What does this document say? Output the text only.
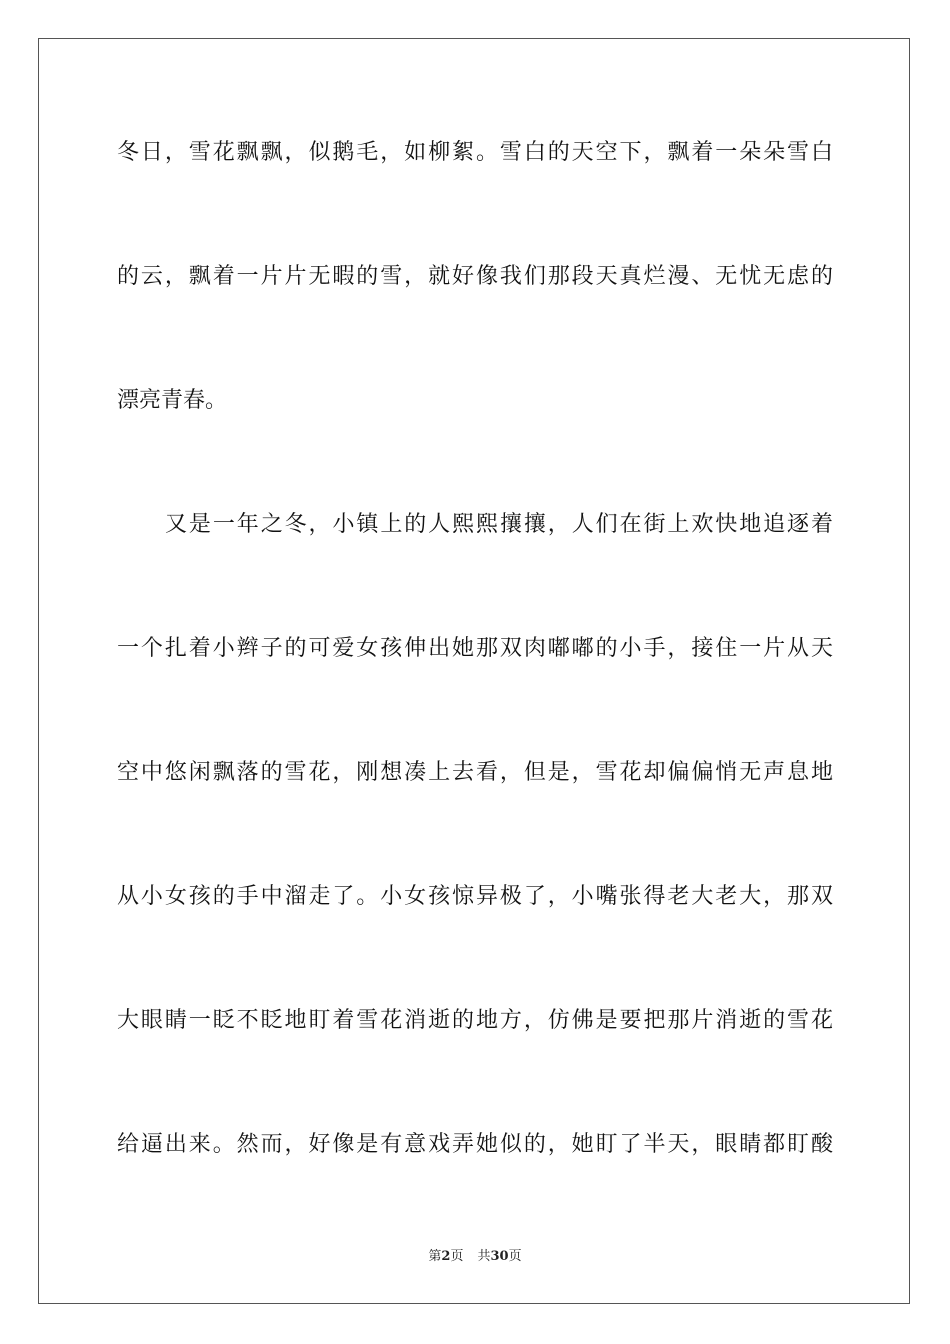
冬日，雪花飘飘，似鹅毛，如柳絮。雪白的天空下，飘着一朵朵雪白
的云，飘着一片片无暇的雪，就好像我们那段天真烂漫、无忧无虑的
漂亮青春。
又是一年之冬，小镇上的人熙熙攘攘，人们在街上欢快地追逐着
一个扎着小辫子的可爱女孩伸出她那双肉嘟嘟的小手，接住一片从天
空中悠闲飘落的雪花，刚想凑上去看，但是，雪花却偏偏悄无声息地
从小女孩的手中溜走了。小女孩惊异极了，小嘴张得老大老大，那双
大眼睛一眨不眨地盯着雪花消逝的地方，仿佛是要把那片消逝的雪花
给逼出来。然而，好像是有意戏弄她似的，她盯了半天，眼睛都盯酸
第2页 共30页
